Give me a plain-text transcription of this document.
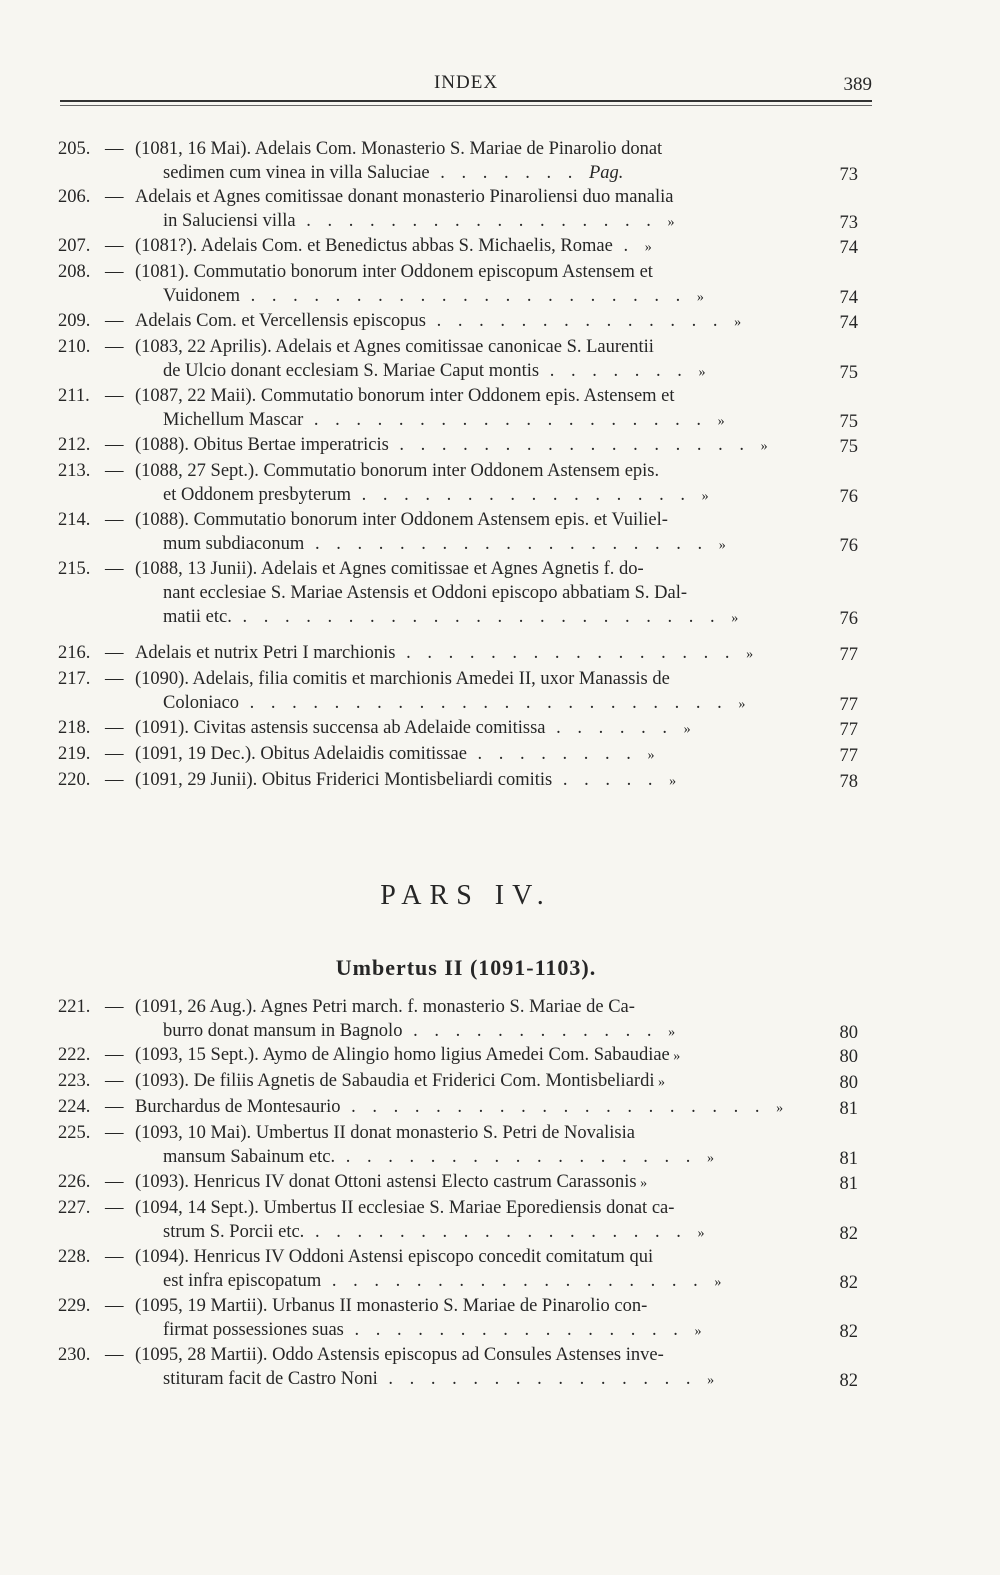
INDEX	389
205. — (1081, 16 Mai). Adelais Com. Monasterio S. Mariae de Pinarolio donat
sedimen cum vinea in villa Saluciae . . . . . . . Pag.	73
206. — Adelais et Agnes comitissae donant monasterio Pinaroliensi duo manalia
in Saluciensi villa . . . . . . . . . . . . . . . . . »	73
207. — (1081?). Adelais Com. et Benedictus abbas S. Michaelis, Romae . »	74
208. — (1081). Commutatio bonorum inter Oddonem episcopum Astensem et
Vuidonem . . . . . . . . . . . . . . . . . . . . . »	74
209. — Adelais Com. et Vercellensis episcopus . . . . . . . . . . . . . . »	74
210. — (1083, 22 Aprilis). Adelais et Agnes comitissae canonicae S. Laurentii
de Ulcio donant ecclesiam S. Mariae Caput montis . . . . . . . »	75
211. — (1087, 22 Maii). Commutatio bonorum inter Oddonem epis. Astensem et
Michellum Mascar . . . . . . . . . . . . . . . . . . . »	75
212. — (1088). Obitus Bertae imperatricis . . . . . . . . . . . . . . . . . »	75
213. — (1088, 27 Sept.). Commutatio bonorum inter Oddonem Astensem epis.
et Oddonem presbyterum . . . . . . . . . . . . . . . . »	76
214. — (1088). Commutatio bonorum inter Oddonem Astensem epis. et Vuiliel-
mum subdiaconum . . . . . . . . . . . . . . . . . . . »	76
215. — (1088, 13 Junii). Adelais et Agnes comitissae et Agnes Agnetis f. do-
nant ecclesiae S. Mariae Astensis et Oddoni episcopo abbatiam S. Dal-
matii etc. . . . . . . . . . . . . . . . . . . . . . . . »	76
216. — Adelais et nutrix Petri I marchionis . . . . . . . . . . . . . . . . »	77
217. — (1090). Adelais, filia comitis et marchionis Amedei II, uxor Manassis de
Coloniaco . . . . . . . . . . . . . . . . . . . . . . . »	77
218. — (1091). Civitas astensis succensa ab Adelaide comitissa . . . . . . »	77
219. — (1091, 19 Dec.). Obitus Adelaidis comitissae . . . . . . . . »	77
220. — (1091, 29 Junii). Obitus Friderici Montisbeliardi comitis . . . . . »	78
PARS IV.
Umbertus II (1091-1103).
221. — (1091, 26 Aug.). Agnes Petri march. f. monasterio S. Mariae de Ca-
burro donat mansum in Bagnolo . . . . . . . . . . . . »	80
222. — (1093, 15 Sept.). Aymo de Alingio homo ligius Amedei Com. Sabaudiae »	80
223. — (1093). De filiis Agnetis de Sabaudia et Friderici Com. Montisbeliardi »	80
224. — Burchardus de Montesaurio . . . . . . . . . . . . . . . . . . . . »	81
225. — (1093, 10 Mai). Umbertus II donat monasterio S. Petri de Novalisia
mansum Sabainum etc. . . . . . . . . . . . . . . . . . »	81
226. — (1093). Henricus IV donat Ottoni astensi Electo castrum Carassonis »	81
227. — (1094, 14 Sept.). Umbertus II ecclesiae S. Mariae Eporediensis donat ca-
strum S. Porcii etc. . . . . . . . . . . . . . . . . . . »	82
228. — (1094). Henricus IV Oddoni Astensi episcopo concedit comitatum qui
est infra episcopatum . . . . . . . . . . . . . . . . . . »	82
229. — (1095, 19 Martii). Urbanus II monasterio S. Mariae de Pinarolio con-
firmat possessiones suas . . . . . . . . . . . . . . . . »	82
230. — (1095, 28 Martii). Oddo Astensis episcopus ad Consules Astenses inve-
stituram facit de Castro Noni . . . . . . . . . . . . . . . »	82
